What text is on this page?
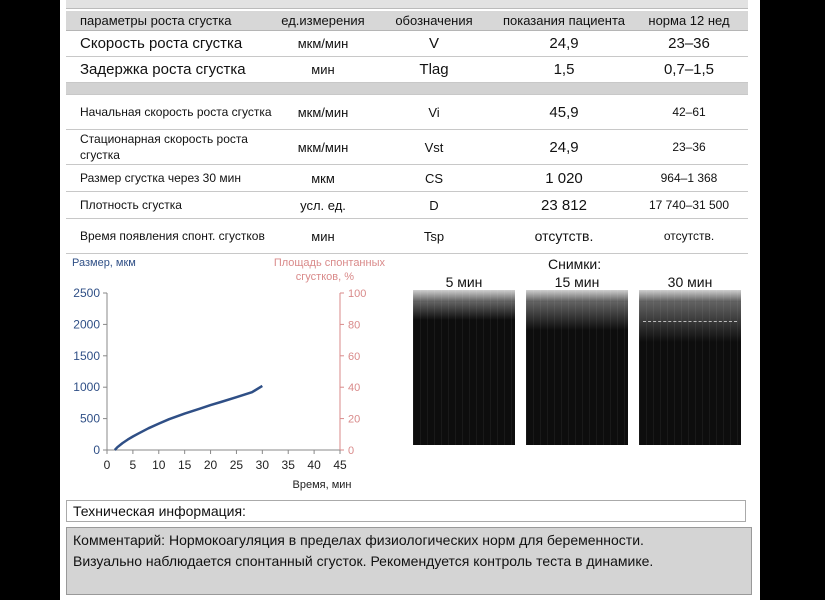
параметры роста сгустка	ед.измерения	обозначения	показания пациента	норма 12 нед
Скорость роста сгустка	мкм/мин	V	24,9	23–36
Задержка роста сгустка	мин	Tlag	1,5	0,7–1,5

Начальная скорость роста сгустка	мкм/мин	Vi	45,9	42–61
Стационарная скорость роста сгустка	мкм/мин	Vst	24,9	23–36
Размер сгустка через 30 мин	мкм	CS	1 020	964–1 368
Плотность сгустка	усл. ед.	D	23 812	17 740–31 500
Время появления спонт. сгустков	мин	Tsp	отсутств.	отсутств.
Размер, мкм	Площадь спонтанных
сгустков, %
Время, мин
0
500
1000
1500
2000
2500
0
20
40
60
80
100
0 5 10 15 20 25 30 35 40 45
Снимки:
5 мин	15 мин	30 мин
Техническая информация:
Комментарий: Нормокоагуляция в пределах физиологических норм для беременности.
Визуально наблюдается спонтанный сгусток. Рекомендуется контроль теста в динамике.
